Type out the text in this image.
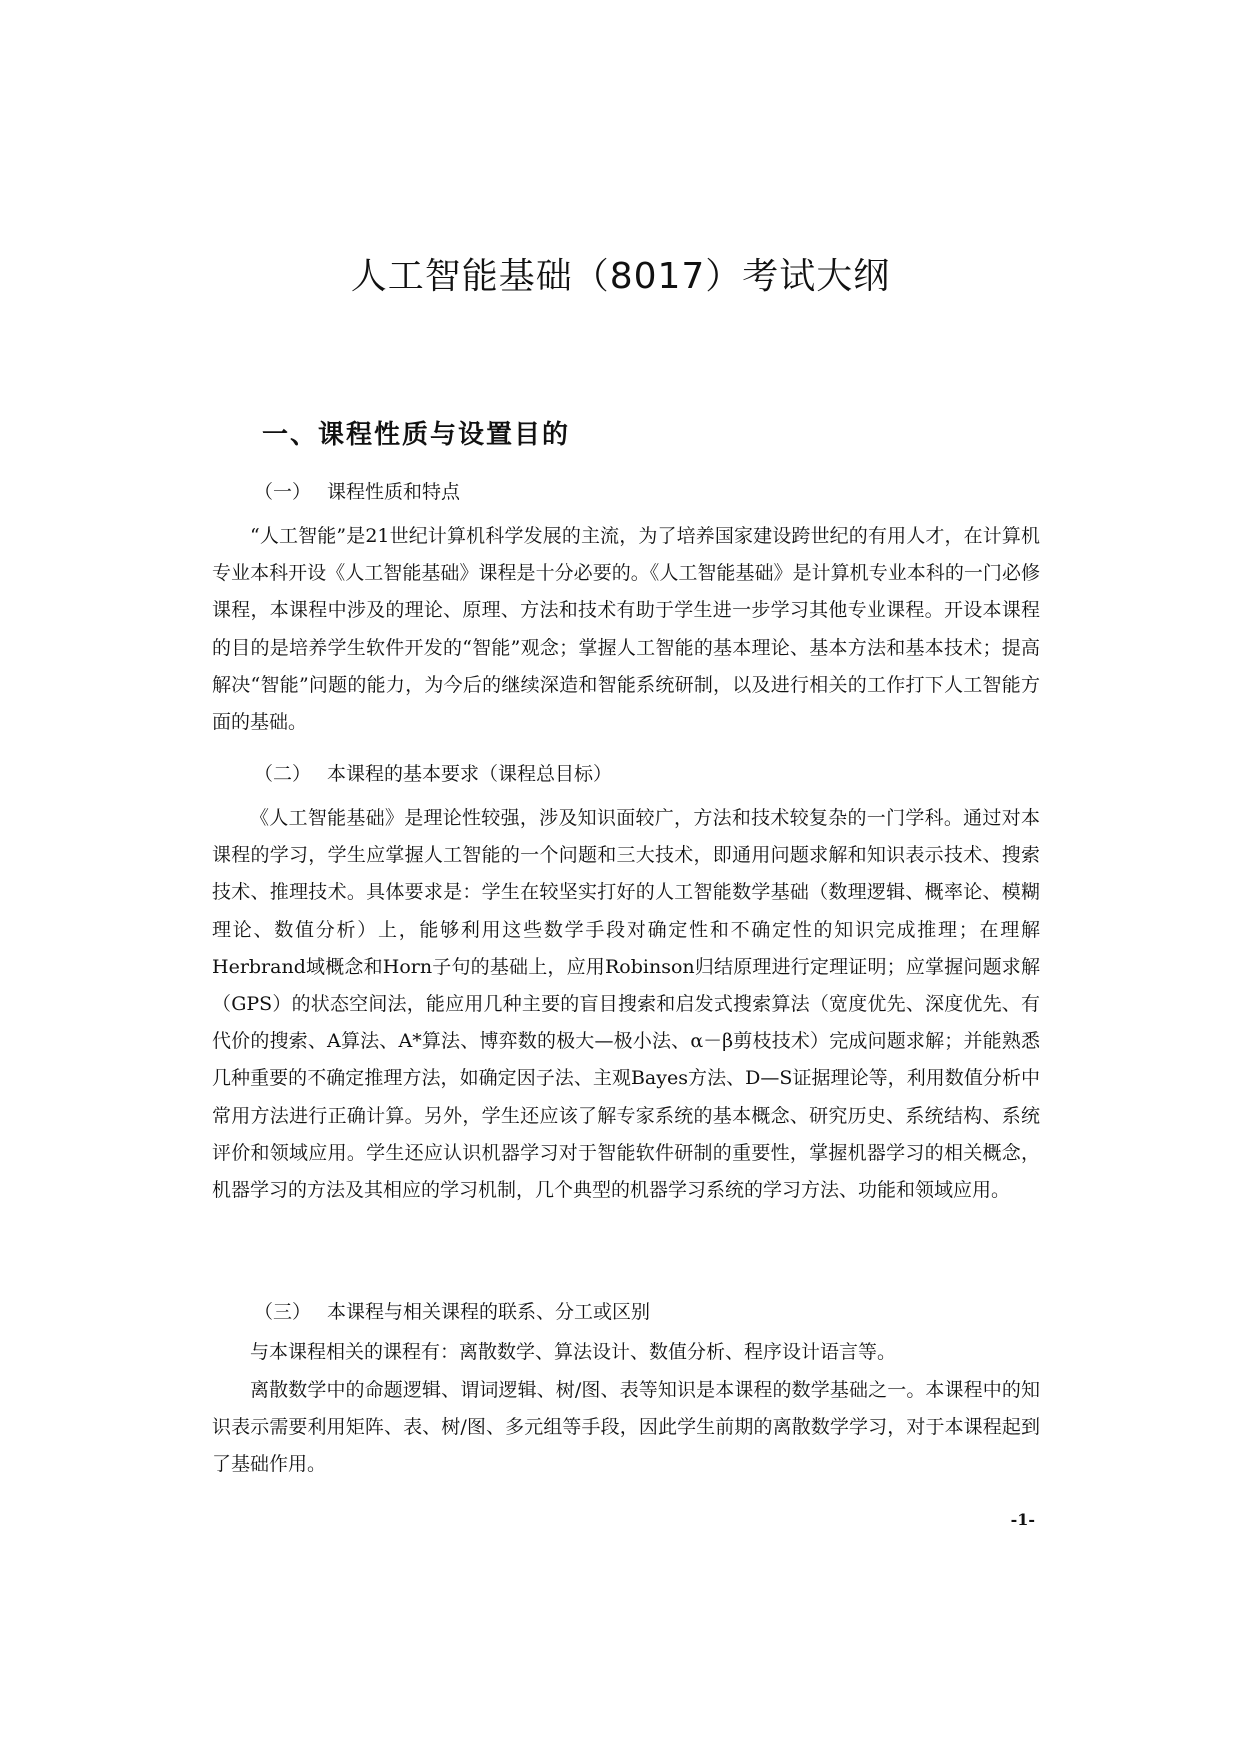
人工智能基础（8017）考试大纲
一、课程性质与设置目的
（一） 课程性质和特点

“人工智能”是21世纪计算机科学发展的主流，为了培养国家建设跨世纪的有用人才，在计算机专业本科开设《人工智能基础》课程是十分必要的。《人工智能基础》是计算机专业本科的一门必修课程，本课程中涉及的理论、原理、方法和技术有助于学生进一步学习其他专业课程。开设本课程的目的是培养学生软件开发的“智能”观念；掌握人工智能的基本理论、基本方法和基本技术；提高解决“智能”问题的能力，为今后的继续深造和智能系统研制，以及进行相关的工作打下人工智能方面的基础。

（二） 本课程的基本要求（课程总目标）

《人工智能基础》是理论性较强，涉及知识面较广，方法和技术较复杂的一门学科。通过对本课程的学习，学生应掌握人工智能的一个问题和三大技术，即通用问题求解和知识表示技术、搜索技术、推理技术。具体要求是：学生在较坚实打好的人工智能数学基础（数理逻辑、概率论、模糊理论、数值分析）上，能够利用这些数学手段对确定性和不确定性的知识完成推理；在理解Herbrand域概念和Horn子句的基础上，应用Robinson归结原理进行定理证明；应掌握问题求解（GPS）的状态空间法，能应用几种主要的盲目搜索和启发式搜索算法（宽度优先、深度优先、有代价的搜索、A算法、A*算法、博弈数的极大—极小法、α－β剪枝技术）完成问题求解；并能熟悉几种重要的不确定推理方法，如确定因子法、主观Bayes方法、D—S证据理论等，利用数值分析中常用方法进行正确计算。另外，学生还应该了解专家系统的基本概念、研究历史、系统结构、系统评价和领域应用。学生还应认识机器学习对于智能软件研制的重要性，掌握机器学习的相关概念，机器学习的方法及其相应的学习机制，几个典型的机器学习系统的学习方法、功能和领域应用。

（三） 本课程与相关课程的联系、分工或区别

与本课程相关的课程有：离散数学、算法设计、数值分析、程序设计语言等。

离散数学中的命题逻辑、谓词逻辑、树/图、表等知识是本课程的数学基础之一。本课程中的知识表示需要利用矩阵、表、树/图、多元组等手段，因此学生前期的离散数学学习，对于本课程起到了基础作用。

-1-
